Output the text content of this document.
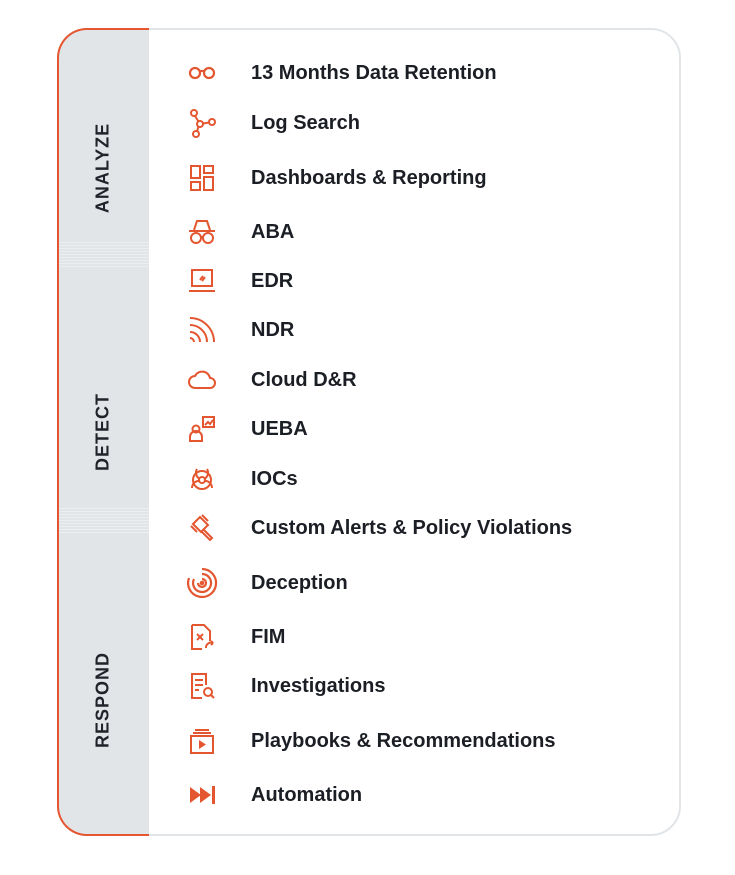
ANALYZE
DETECT
RESPOND
13 Months Data Retention
Log Search
Dashboards & Reporting
ABA
EDR
NDR
Cloud D&R
UEBA
IOCs
Custom Alerts & Policy Violations
Deception
FIM
Investigations
Playbooks & Recommendations
Automation
